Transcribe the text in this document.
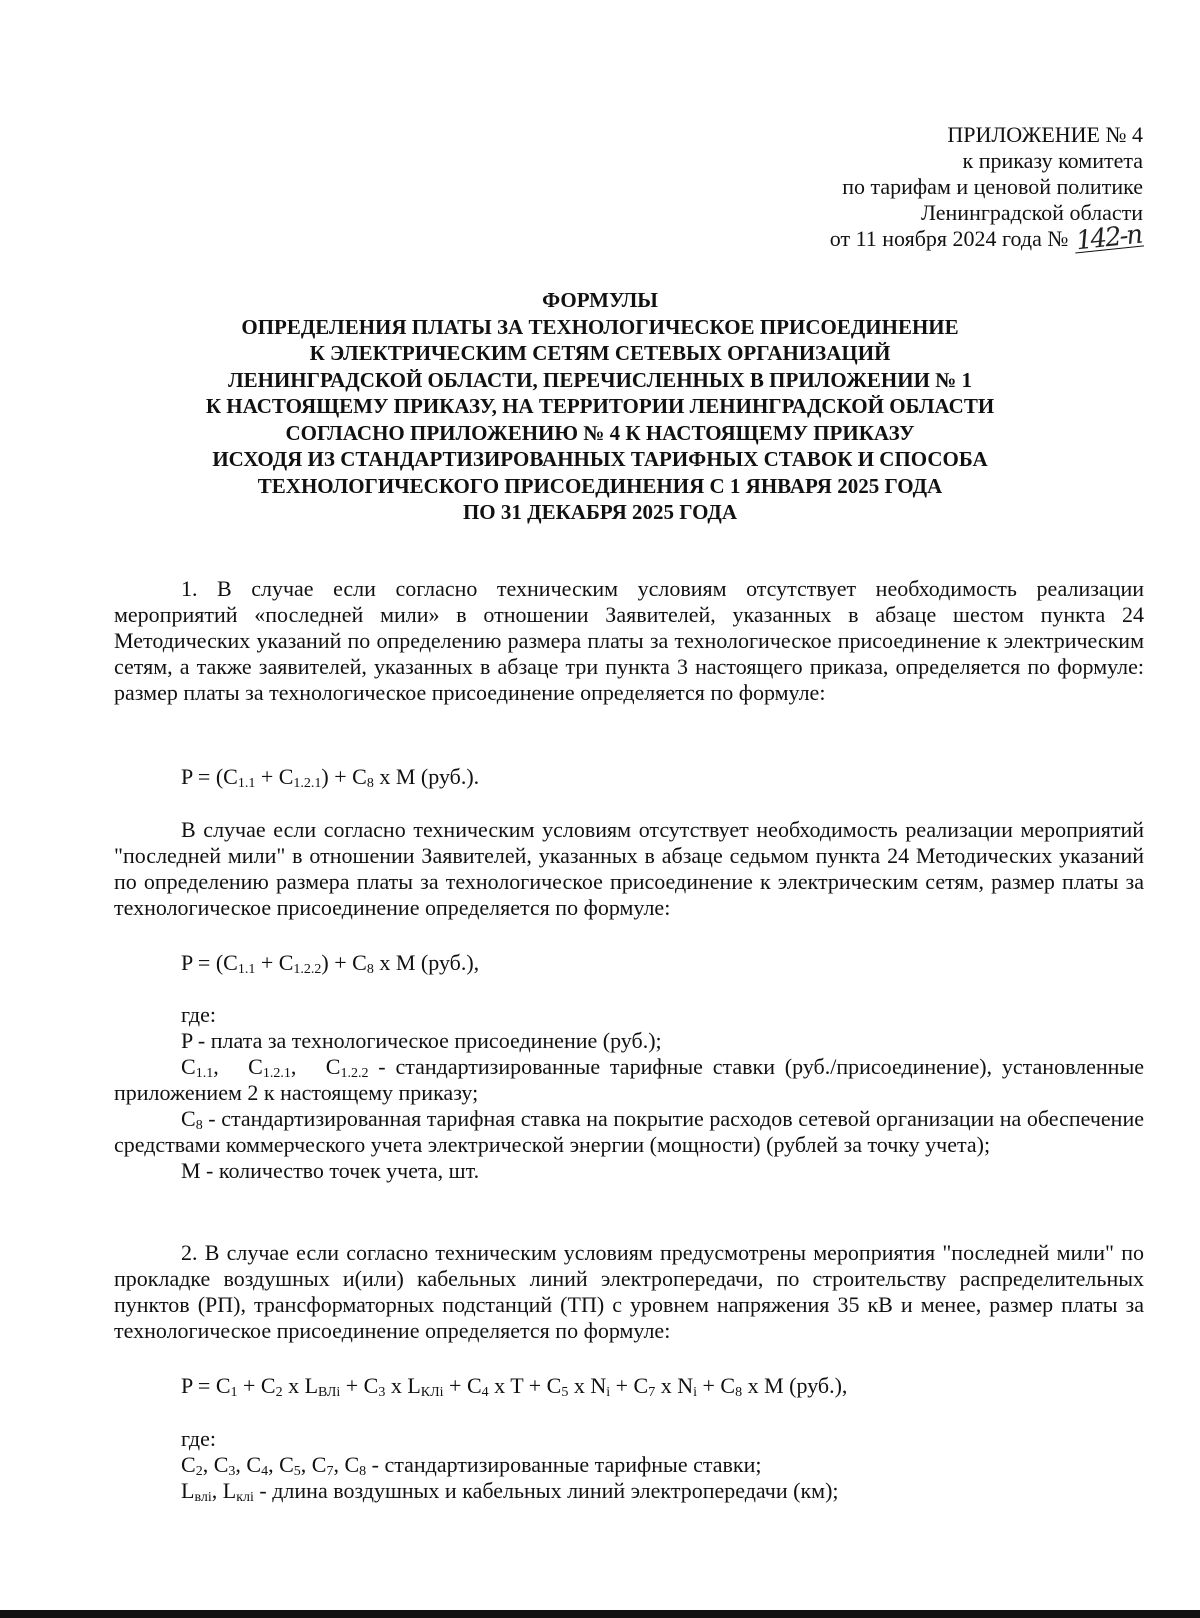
ПРИЛОЖЕНИЕ № 4
к приказу комитета
по тарифам и ценовой политике
Ленинградской области
от 11 ноября 2024 года № 142-п
ФОРМУЛЫ
ОПРЕДЕЛЕНИЯ ПЛАТЫ ЗА ТЕХНОЛОГИЧЕСКОЕ ПРИСОЕДИНЕНИЕ
К ЭЛЕКТРИЧЕСКИМ СЕТЯМ СЕТЕВЫХ ОРГАНИЗАЦИЙ
ЛЕНИНГРАДСКОЙ ОБЛАСТИ, ПЕРЕЧИСЛЕННЫХ В ПРИЛОЖЕНИИ № 1
К НАСТОЯЩЕМУ ПРИКАЗУ, НА ТЕРРИТОРИИ ЛЕНИНГРАДСКОЙ ОБЛАСТИ
СОГЛАСНО ПРИЛОЖЕНИЮ № 4 К НАСТОЯЩЕМУ ПРИКАЗУ
ИСХОДЯ ИЗ СТАНДАРТИЗИРОВАННЫХ ТАРИФНЫХ СТАВОК И СПОСОБА
ТЕХНОЛОГИЧЕСКОГО ПРИСОЕДИНЕНИЯ С 1 ЯНВАРЯ 2025 ГОДА
ПО 31 ДЕКАБРЯ 2025 ГОДА

1. В случае если согласно техническим условиям отсутствует необходимость реализации мероприятий «последней мили» в отношении Заявителей, указанных в абзаце шестом пункта 24 Методических указаний по определению размера платы за технологическое присоединение к электрическим сетям, а также заявителей, указанных в абзаце три пункта 3 настоящего приказа, определяется по формуле: размер платы за технологическое присоединение определяется по формуле:

$P = (C_{1.1} + C_{1.2.1}) + C_8$ x M (руб.).

В случае если согласно техническим условиям отсутствует необходимость реализации мероприятий "последней мили" в отношении Заявителей, указанных в абзаце седьмом пункта 24 Методических указаний по определению размера платы за технологическое присоединение к электрическим сетям, размер платы за технологическое присоединение определяется по формуле:

$P = (C_{1.1} + C_{1.2.2}) + C_8$ x M (руб.),

где:

P - плата за технологическое присоединение (руб.);

$C_{1.1}$,   $C_{1.2.1}$,   $C_{1.2.2}$ - стандартизированные тарифные ставки (руб./присоединение), установленные приложением 2 к настоящему приказу;

$C_8$ - стандартизированная тарифная ставка на покрытие расходов сетевой организации на обеспечение средствами коммерческого учета электрической энергии (мощности) (рублей за точку учета);

M - количество точек учета, шт.

2. В случае если согласно техническим условиям предусмотрены мероприятия "последней мили" по прокладке воздушных и(или) кабельных линий электропередачи, по строительству распределительных пунктов (РП), трансформаторных подстанций (ТП) с уровнем напряжения 35 кВ и менее, размер платы за технологическое присоединение определяется по формуле:

$P = C_1 + C_2$ x $L_{ВЛi} + C_3$ x $L_{КЛi} + C_4$ x $T + C_5$ x $N_i + C_7$ x $N_i + C_8$ x M (руб.),

где:

$C_2$, $C_3$, $C_4$, $C_5$, $C_7$, $C_8$ - стандартизированные тарифные ставки;

$L_{влi}$, $L_{клi}$ - длина воздушных и кабельных линий электропередачи (км);
